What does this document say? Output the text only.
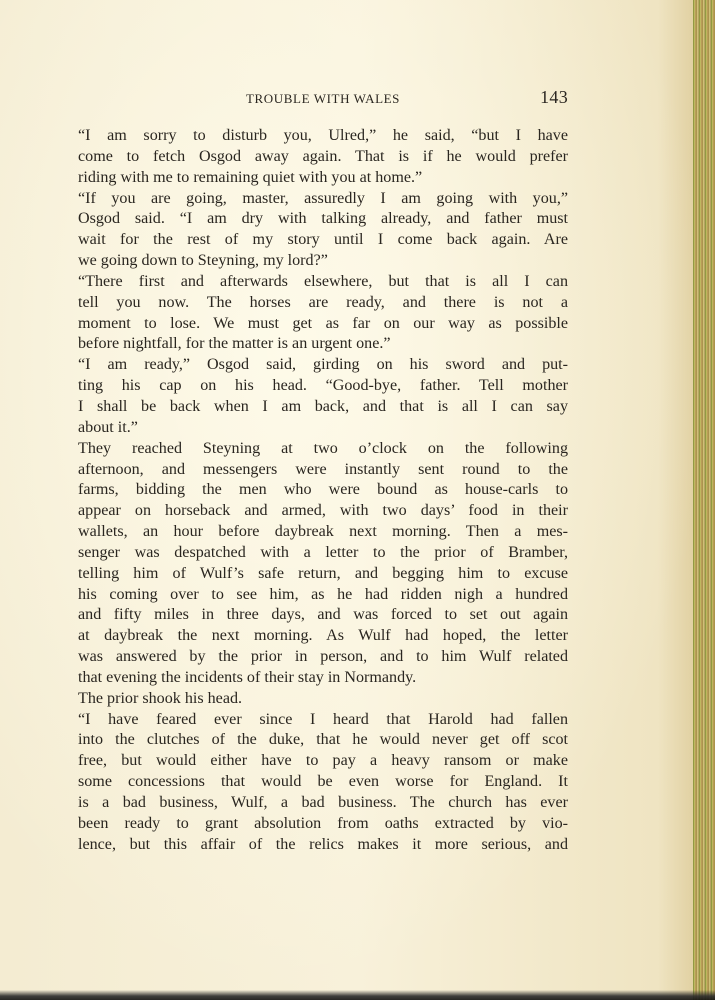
TROUBLE WITH WALES	143
“I am sorry to disturb you, Ulred,” he said, “but I have
come to fetch Osgod away again. That is if he would prefer
riding with me to remaining quiet with you at home.”
“If you are going, master, assuredly I am going with you,”
Osgod said. “I am dry with talking already, and father must
wait for the rest of my story until I come back again. Are
we going down to Steyning, my lord?”
“There first and afterwards elsewhere, but that is all I can
tell you now. The horses are ready, and there is not a
moment to lose. We must get as far on our way as possible
before nightfall, for the matter is an urgent one.”
“I am ready,” Osgod said, girding on his sword and put-
ting his cap on his head. “Good-bye, father. Tell mother
I shall be back when I am back, and that is all I can say
about it.”
They reached Steyning at two o’clock on the following
afternoon, and messengers were instantly sent round to the
farms, bidding the men who were bound as house-carls to
appear on horseback and armed, with two days’ food in their
wallets, an hour before daybreak next morning. Then a mes-
senger was despatched with a letter to the prior of Bramber,
telling him of Wulf’s safe return, and begging him to excuse
his coming over to see him, as he had ridden nigh a hundred
and fifty miles in three days, and was forced to set out again
at daybreak the next morning. As Wulf had hoped, the letter
was answered by the prior in person, and to him Wulf related
that evening the incidents of their stay in Normandy.
The prior shook his head.
“I have feared ever since I heard that Harold had fallen
into the clutches of the duke, that he would never get off scot
free, but would either have to pay a heavy ransom or make
some concessions that would be even worse for England. It
is a bad business, Wulf, a bad business. The church has ever
been ready to grant absolution from oaths extracted by vio-
lence, but this affair of the relics makes it more serious, and
